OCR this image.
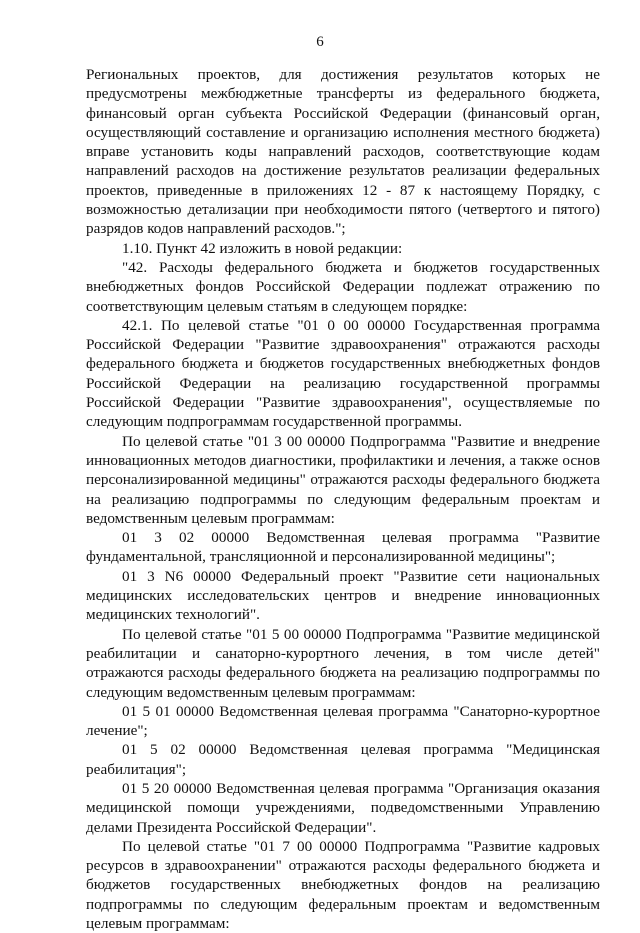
6

Региональных проектов, для достижения результатов которых не предусмотрены межбюджетные трансферты из федерального бюджета, финансовый орган субъекта Российской Федерации (финансовый орган, осуществляющий составление и организацию исполнения местного бюджета) вправе установить коды направлений расходов, соответствующие кодам направлений расходов на достижение результатов реализации федеральных проектов, приведенные в приложениях 12 - 87 к настоящему Порядку, с возможностью детализации при необходимости пятого (четвертого и пятого) разрядов кодов направлений расходов.";

1.10. Пункт 42 изложить в новой редакции:

"42. Расходы федерального бюджета и бюджетов государственных внебюджетных фондов Российской Федерации подлежат отражению по соответствующим целевым статьям в следующем порядке:

42.1. По целевой статье "01 0 00 00000 Государственная программа Российской Федерации "Развитие здравоохранения" отражаются расходы федерального бюджета и бюджетов государственных внебюджетных фондов Российской Федерации на реализацию государственной программы Российской Федерации "Развитие здравоохранения", осуществляемые по следующим подпрограммам государственной программы.

По целевой статье "01 3 00 00000 Подпрограмма "Развитие и внедрение инновационных методов диагностики, профилактики и лечения, а также основ персонализированной медицины" отражаются расходы федерального бюджета на реализацию подпрограммы по следующим федеральным проектам и ведомственным целевым программам:

01 3 02 00000 Ведомственная целевая программа "Развитие фундаментальной, трансляционной и персонализированной медицины";

01 3 N6 00000 Федеральный проект "Развитие сети национальных медицинских исследовательских центров и внедрение инновационных медицинских технологий".

По целевой статье "01 5 00 00000 Подпрограмма "Развитие медицинской реабилитации и санаторно-курортного лечения, в том числе детей" отражаются расходы федерального бюджета на реализацию подпрограммы по следующим ведомственным целевым программам:

01 5 01 00000 Ведомственная целевая программа "Санаторно-курортное лечение";

01 5 02 00000 Ведомственная целевая программа "Медицинская реабилитация";

01 5 20 00000 Ведомственная целевая программа "Организация оказания медицинской помощи учреждениями, подведомственными Управлению делами Президента Российской Федерации".

По целевой статье "01 7 00 00000 Подпрограмма "Развитие кадровых ресурсов в здравоохранении" отражаются расходы федерального бюджета и бюджетов государственных внебюджетных фондов на реализацию подпрограммы по следующим федеральным проектам и ведомственным целевым программам:
